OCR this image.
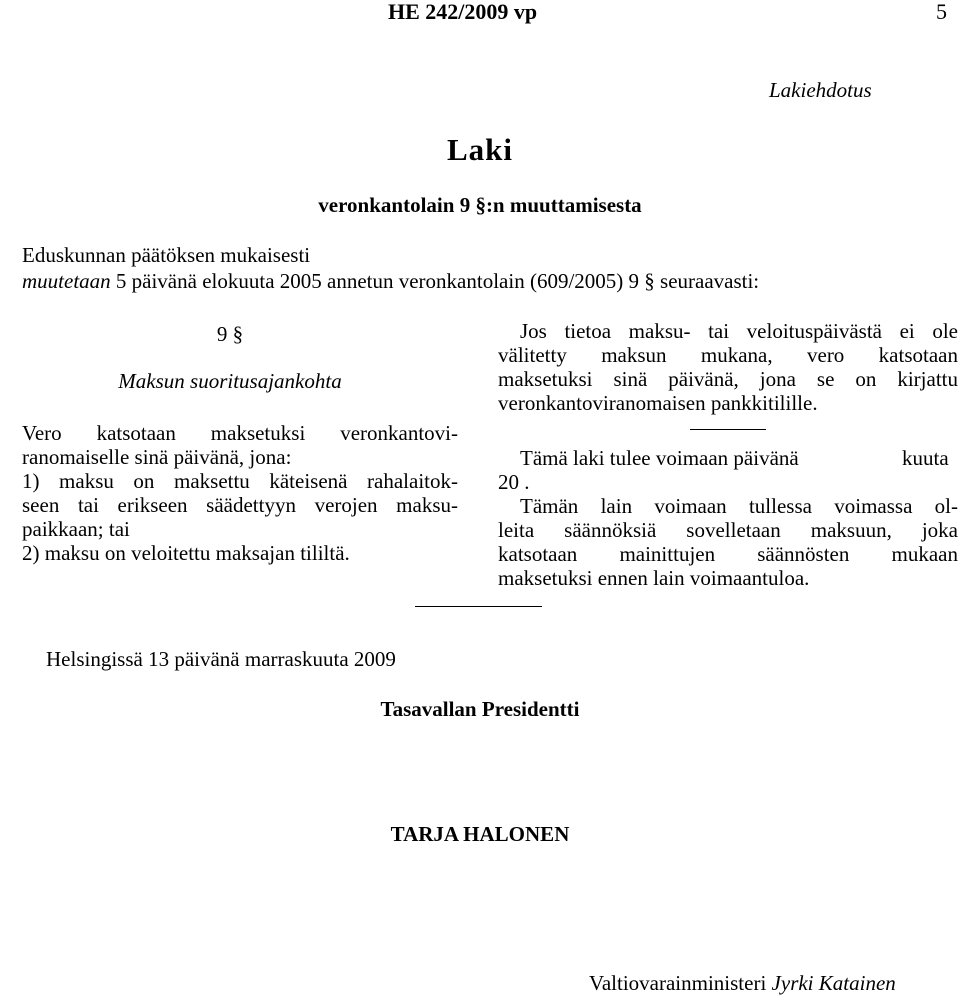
HE 242/2009 vp	5
Lakiehdotus
Laki
veronkantolain 9 §:n muuttamisesta
Eduskunnan päätöksen mukaisesti
muutetaan 5 päivänä elokuuta 2005 annetun veronkantolain (609/2005) 9 § seuraavasti:
9 §
Maksun suoritusajankohta
Vero katsotaan maksetuksi veronkantovi-
ranomaiselle sinä päivänä, jona:
1) maksu on maksettu käteisenä rahalaitok-
seen tai erikseen säädettyyn verojen maksu-
paikkaan; tai
2) maksu on veloitettu maksajan tililtä.
Jos tietoa maksu- tai veloituspäivästä ei ole
välitetty maksun mukana, vero katsotaan
maksetuksi sinä päivänä, jona se on kirjattu
veronkantoviranomaisen pankkitilille.
Tämä laki tulee voimaan päivänä	kuuta
20 .
Tämän lain voimaan tullessa voimassa ol-
leita säännöksiä sovelletaan maksuun, joka
katsotaan mainittujen säännösten mukaan
maksetuksi ennen lain voimaantuloa.
Helsingissä 13 päivänä marraskuuta 2009
Tasavallan Presidentti
TARJA HALONEN
Valtiovarainministeri Jyrki Katainen
